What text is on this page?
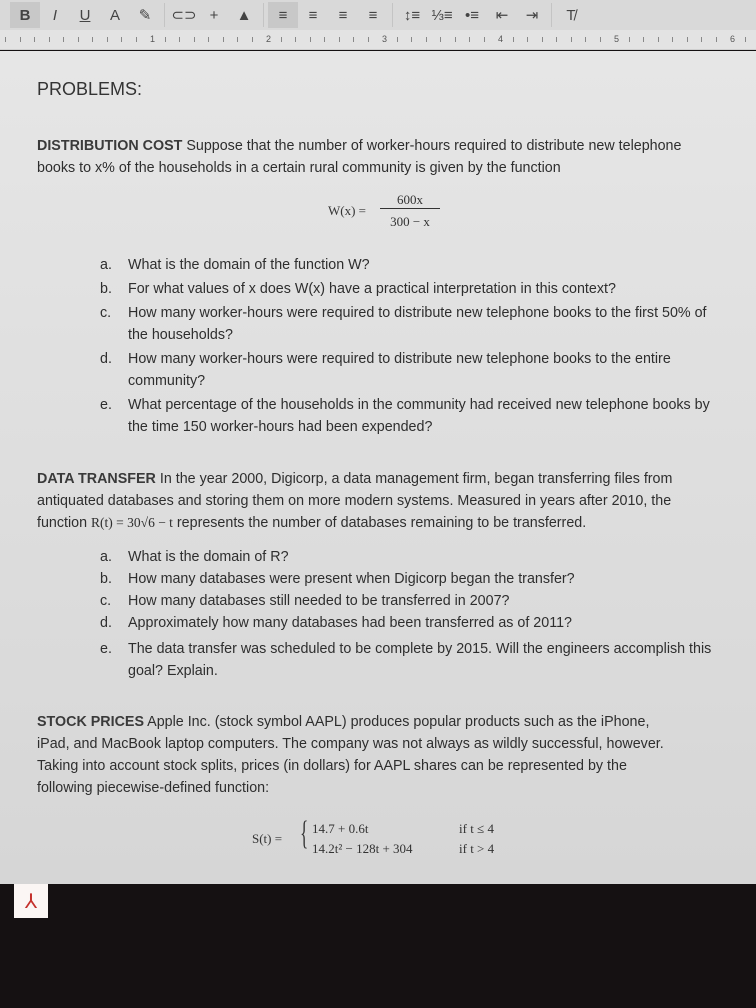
B	I	U	A	✎	⊂⊃ +	▲	≡	≡	≡	≡	↕≡ ⅓≡ •≡	⇤	⇥	T̸
1	2	3	4	5	6
PROBLEMS:
DISTRIBUTION COST Suppose that the number of worker-hours required to distribute new telephone
books to x% of the households in a certain rural community is given by the function
W(x) =
600x
300 − x
a.	What is the domain of the function W?
b.	For what values of x does W(x) have a practical interpretation in this context?
c.	How many worker-hours were required to distribute new telephone books to the first 50% of the households?
d.	How many worker-hours were required to distribute new telephone books to the entire community?
e.	What percentage of the households in the community had received new telephone books by the time 150 worker-hours had been expended?
DATA TRANSFER In the year 2000, Digicorp, a data management firm, began transferring files from
antiquated databases and storing them on more modern systems. Measured in years after 2010, the
function R(t) = 30√6 − t represents the number of databases remaining to be transferred.
a.	What is the domain of R?
b.	How many databases were present when Digicorp began the transfer?
c.	How many databases still needed to be transferred in 2007?
d.	Approximately how many databases had been transferred as of 2011?
e.	The data transfer was scheduled to be complete by 2015. Will the engineers accomplish this goal? Explain.
STOCK PRICES Apple Inc. (stock symbol AAPL) produces popular products such as the iPhone,
iPad, and MacBook laptop computers. The company was not always as wildly successful, however.
Taking into account stock splits, prices (in dollars) for AAPL shares can be represented by the
following piecewise-defined function:
S(t) = { 14.7 + 0.6t	if t ≤ 4
14.2t² − 128t + 304	if t > 4
⅄
